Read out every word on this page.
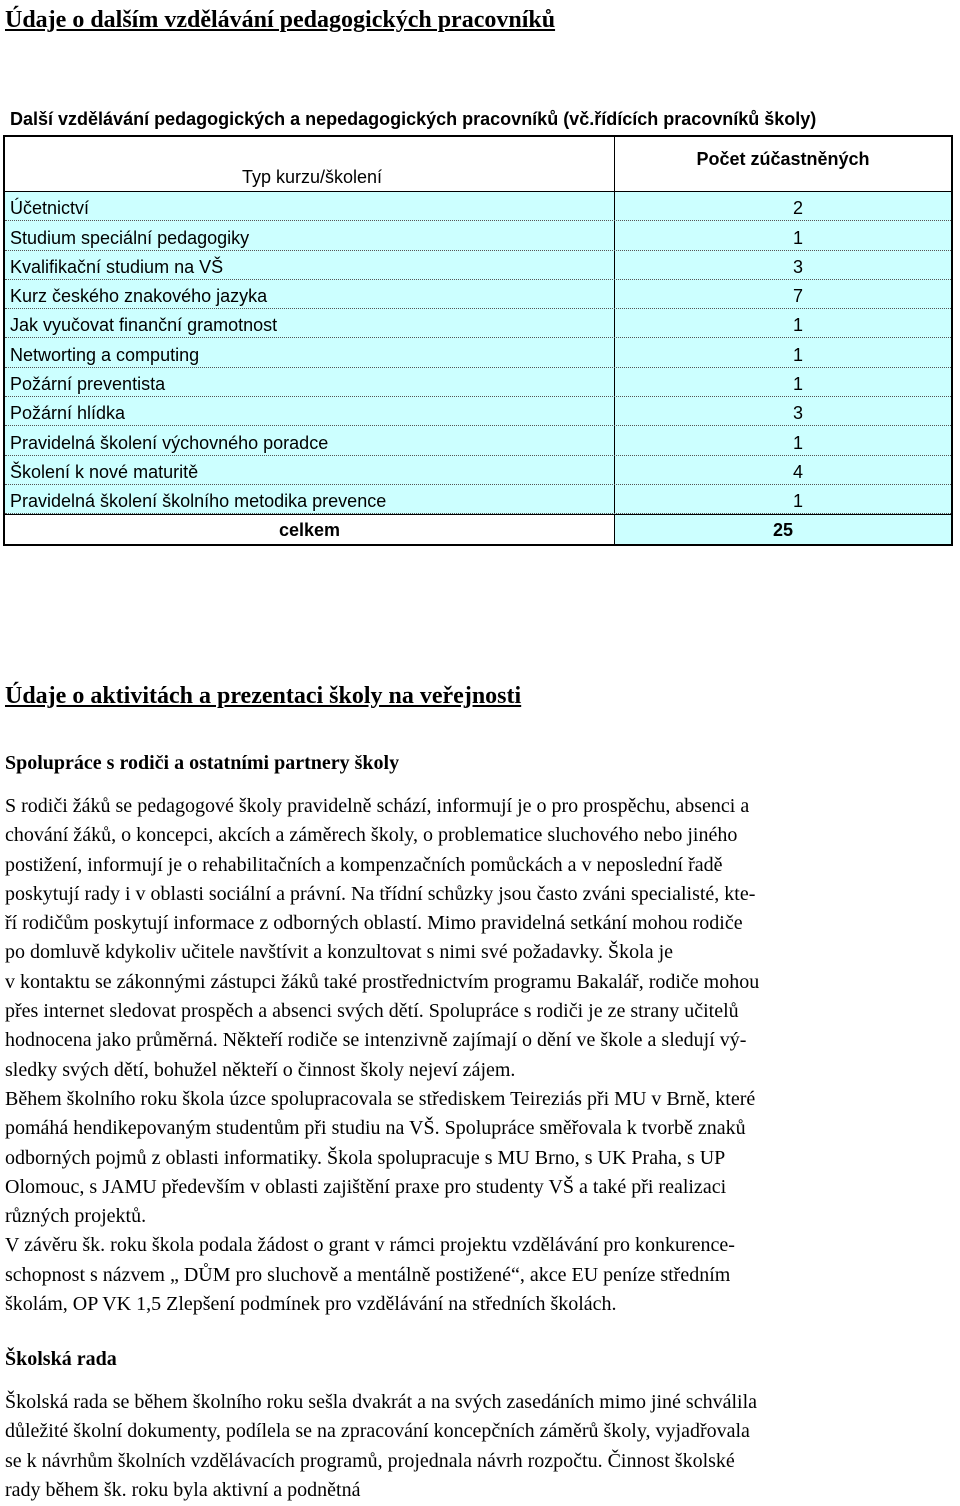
Údaje o dalším vzdělávání pedagogických pracovníků
Další vzdělávání pedagogických a nepedagogických pracovníků (vč.řídících pracovníků školy)
Typ kurzu/školení
Počet zúčastněných
Účetnictví	2
Studium speciální pedagogiky	1
Kvalifikační studium na VŠ	3
Kurz českého znakového jazyka	7
Jak vyučovat finanční gramotnost	1
Networting a computing	1
Požární preventista	1
Požární hlídka	3
Pravidelná školení výchovného poradce	1
Školení k nové maturitě	4
Pravidelná školení školního metodika prevence	1
celkem	25
Údaje o aktivitách a prezentaci školy na veřejnosti
Spolupráce s rodiči a ostatními partnery školy
S rodiči žáků se pedagogové školy pravidelně schází, informují je o pro prospěchu, absenci a
chování žáků, o koncepci, akcích a záměrech školy, o problematice sluchového nebo jiného
postižení, informují je o rehabilitačních a kompenzačních pomůckách a v neposlední řadě
poskytují rady i v oblasti sociální a právní. Na třídní schůzky jsou často zváni specialisté, kte-
ří rodičům poskytují informace z odborných oblastí. Mimo pravidelná setkání mohou rodiče
po domluvě kdykoliv učitele navštívit a konzultovat s nimi své požadavky. Škola je
v kontaktu se zákonnými zástupci žáků také prostřednictvím programu Bakalář, rodiče mohou
přes internet sledovat prospěch a absenci svých dětí. Spolupráce s rodiči je ze strany učitelů
hodnocena jako průměrná. Někteří rodiče se intenzivně zajímají o dění ve škole a sledují vý-
sledky svých dětí, bohužel někteří o činnost školy nejeví zájem.
Během školního roku škola úzce spolupracovala se střediskem Teireziás při MU v Brně, které
pomáhá hendikepovaným studentům při studiu na VŠ. Spolupráce směřovala k tvorbě znaků
odborných pojmů z oblasti informatiky. Škola spolupracuje s MU Brno, s UK Praha, s UP
Olomouc, s JAMU především v oblasti zajištění praxe pro studenty VŠ a také při realizaci
různých projektů.
V závěru šk. roku škola podala žádost o grant v rámci projektu vzdělávání pro konkurence-
schopnost s názvem „ DŮM pro sluchově a mentálně postižené“, akce EU peníze středním
školám, OP VK 1,5 Zlepšení podmínek pro vzdělávání na středních školách.
Školská rada
Školská rada se během školního roku sešla dvakrát a na svých zasedáních mimo jiné schválila
důležité školní dokumenty, podílela se na zpracování koncepčních záměrů školy, vyjadřovala
se k návrhům školních vzdělávacích programů, projednala návrh rozpočtu. Činnost školské
rady během šk. roku byla aktivní a podnětná
